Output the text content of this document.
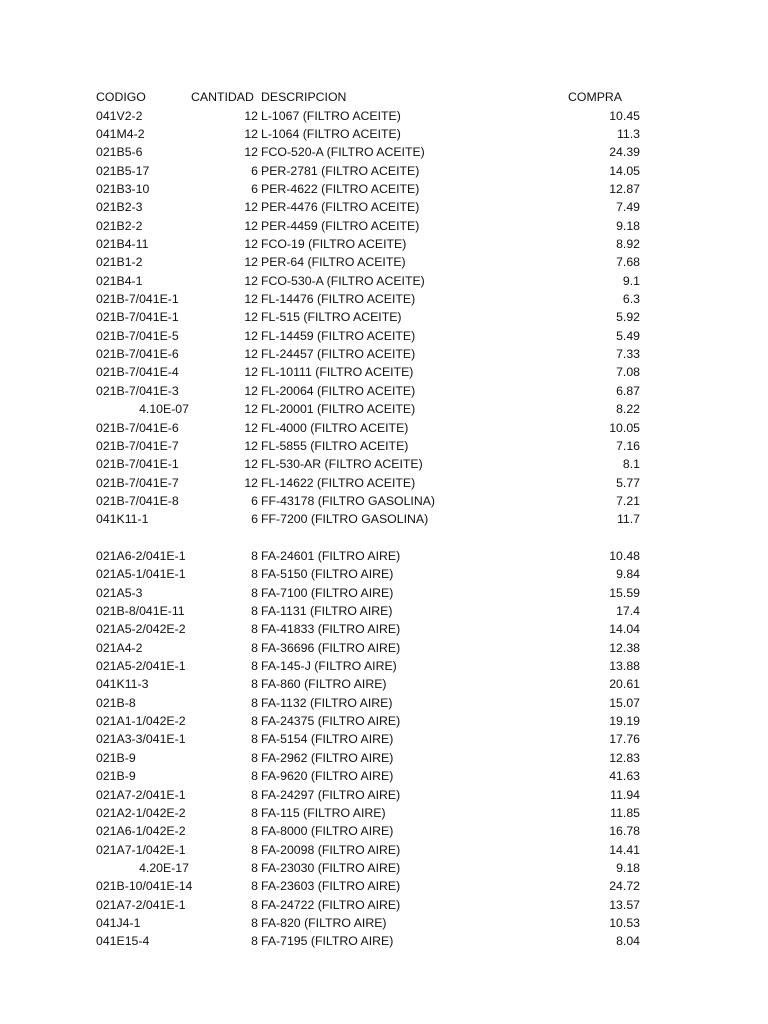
CODIGO	CANTIDAD DESCRIPCION	COMPRA
041V2-2	12 L-1067 (FILTRO ACEITE)	10.45
041M4-2	12 L-1064 (FILTRO ACEITE)	11.3
021B5-6	12 FCO-520-A (FILTRO ACEITE)	24.39
021B5-17	6 PER-2781 (FILTRO ACEITE)	14.05
021B3-10	6 PER-4622 (FILTRO ACEITE)	12.87
021B2-3	12 PER-4476 (FILTRO ACEITE)	7.49
021B2-2	12 PER-4459 (FILTRO ACEITE)	9.18
021B4-11	12 FCO-19 (FILTRO ACEITE)	8.92
021B1-2	12 PER-64 (FILTRO ACEITE)	7.68
021B4-1	12 FCO-530-A (FILTRO ACEITE)	9.1
021B-7/041E-1	12 FL-14476 (FILTRO ACEITE)	6.3
021B-7/041E-1	12 FL-515 (FILTRO ACEITE)	5.92
021B-7/041E-5	12 FL-14459 (FILTRO ACEITE)	5.49
021B-7/041E-6	12 FL-24457 (FILTRO ACEITE)	7.33
021B-7/041E-4	12 FL-10111 (FILTRO ACEITE)	7.08
021B-7/041E-3	12 FL-20064 (FILTRO ACEITE)	6.87
4.10E-07	12 FL-20001 (FILTRO ACEITE)	8.22
021B-7/041E-6	12 FL-4000 (FILTRO ACEITE)	10.05
021B-7/041E-7	12 FL-5855 (FILTRO ACEITE)	7.16
021B-7/041E-1	12 FL-530-AR (FILTRO ACEITE)	8.1
021B-7/041E-7	12 FL-14622 (FILTRO ACEITE)	5.77
021B-7/041E-8	6 FF-43178 (FILTRO GASOLINA)	7.21
041K11-1	6 FF-7200 (FILTRO GASOLINA)	11.7
021A6-2/041E-1	8 FA-24601 (FILTRO AIRE)	10.48
021A5-1/041E-1	8 FA-5150 (FILTRO AIRE)	9.84
021A5-3	8 FA-7100 (FILTRO AIRE)	15.59
021B-8/041E-11	8 FA-1131 (FILTRO AIRE)	17.4
021A5-2/042E-2	8 FA-41833 (FILTRO AIRE)	14.04
021A4-2	8 FA-36696 (FILTRO AIRE)	12.38
021A5-2/041E-1	8 FA-145-J (FILTRO AIRE)	13.88
041K11-3	8 FA-860 (FILTRO AIRE)	20.61
021B-8	8 FA-1132 (FILTRO AIRE)	15.07
021A1-1/042E-2	8 FA-24375 (FILTRO AIRE)	19.19
021A3-3/041E-1	8 FA-5154 (FILTRO AIRE)	17.76
021B-9	8 FA-2962 (FILTRO AIRE)	12.83
021B-9	8 FA-9620 (FILTRO AIRE)	41.63
021A7-2/041E-1	8 FA-24297 (FILTRO AIRE)	11.94
021A2-1/042E-2	8 FA-115 (FILTRO AIRE)	11.85
021A6-1/042E-2	8 FA-8000 (FILTRO AIRE)	16.78
021A7-1/042E-1	8 FA-20098 (FILTRO AIRE)	14.41
4.20E-17	8 FA-23030 (FILTRO AIRE)	9.18
021B-10/041E-14	8 FA-23603 (FILTRO AIRE)	24.72
021A7-2/041E-1	8 FA-24722 (FILTRO AIRE)	13.57
041J4-1	8 FA-820 (FILTRO AIRE)	10.53
041E15-4	8 FA-7195 (FILTRO AIRE)	8.04
